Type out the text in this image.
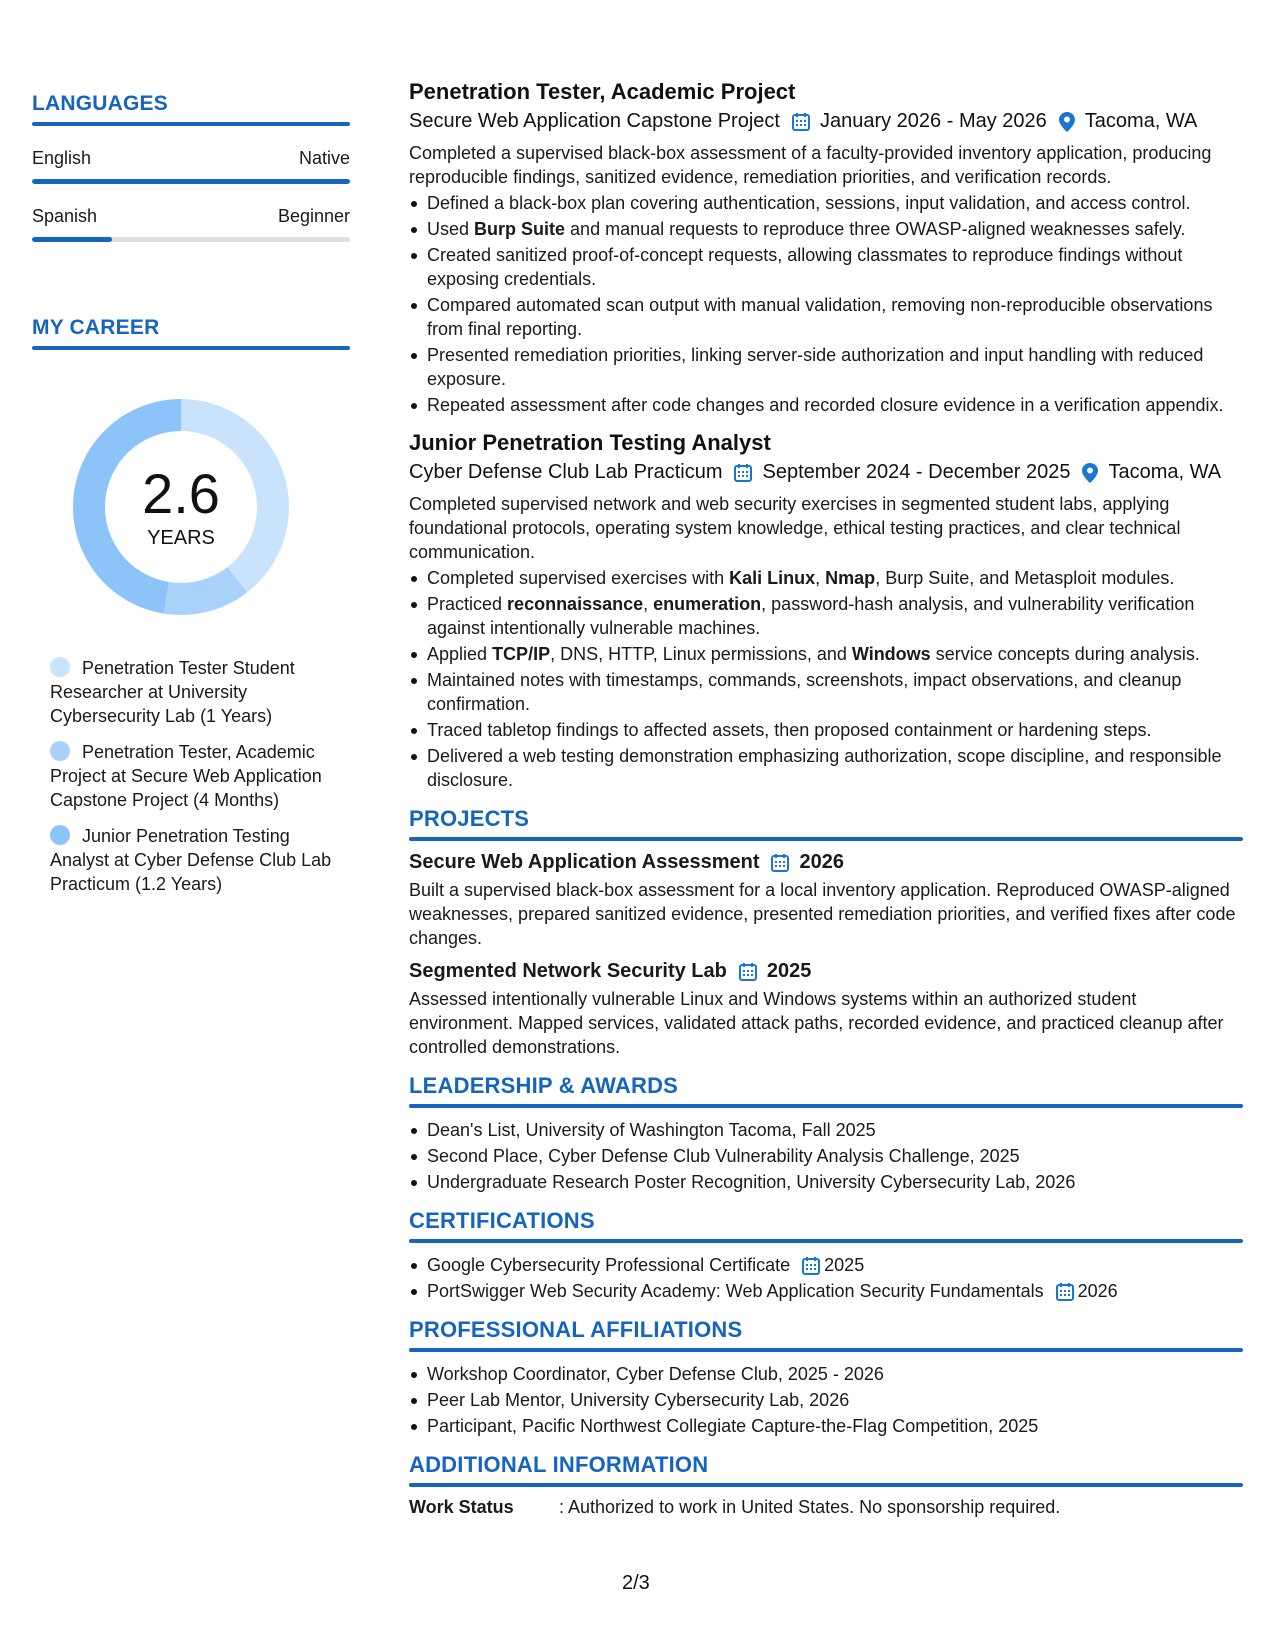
LANGUAGES
English	Native
Spanish	Beginner
MY CAREER
2.6
YEARS
Penetration Tester Student Researcher at University Cybersecurity Lab (1 Years)
Penetration Tester, Academic Project at Secure Web Application Capstone Project (4 Months)
Junior Penetration Testing Analyst at Cyber Defense Club Lab Practicum (1.2 Years)
Penetration Tester, Academic Project
Secure Web Application Capstone Project January 2026 - May 2026 Tacoma, WA
Completed a supervised black-box assessment of a faculty-provided inventory application, producing reproducible findings, sanitized evidence, remediation priorities, and verification records.
Defined a black-box plan covering authentication, sessions, input validation, and access control.
Used Burp Suite and manual requests to reproduce three OWASP-aligned weaknesses safely.
Created sanitized proof-of-concept requests, allowing classmates to reproduce findings without exposing credentials.
Compared automated scan output with manual validation, removing non-reproducible observations from final reporting.
Presented remediation priorities, linking server-side authorization and input handling with reduced exposure.
Repeated assessment after code changes and recorded closure evidence in a verification appendix.
Junior Penetration Testing Analyst
Cyber Defense Club Lab Practicum September 2024 - December 2025 Tacoma, WA
Completed supervised network and web security exercises in segmented student labs, applying foundational protocols, operating system knowledge, ethical testing practices, and clear technical communication.
Completed supervised exercises with Kali Linux, Nmap, Burp Suite, and Metasploit modules.
Practiced reconnaissance, enumeration, password-hash analysis, and vulnerability verification against intentionally vulnerable machines.
Applied TCP/IP, DNS, HTTP, Linux permissions, and Windows service concepts during analysis.
Maintained notes with timestamps, commands, screenshots, impact observations, and cleanup confirmation.
Traced tabletop findings to affected assets, then proposed containment or hardening steps.
Delivered a web testing demonstration emphasizing authorization, scope discipline, and responsible disclosure.
PROJECTS
Secure Web Application Assessment 2026
Built a supervised black-box assessment for a local inventory application. Reproduced OWASP-aligned weaknesses, prepared sanitized evidence, presented remediation priorities, and verified fixes after code changes.
Segmented Network Security Lab 2025
Assessed intentionally vulnerable Linux and Windows systems within an authorized student environment. Mapped services, validated attack paths, recorded evidence, and practiced cleanup after controlled demonstrations.
LEADERSHIP & AWARDS
Dean's List, University of Washington Tacoma, Fall 2025
Second Place, Cyber Defense Club Vulnerability Analysis Challenge, 2025
Undergraduate Research Poster Recognition, University Cybersecurity Lab, 2026
CERTIFICATIONS
Google Cybersecurity Professional Certificate 2025
PortSwigger Web Security Academy: Web Application Security Fundamentals 2026
PROFESSIONAL AFFILIATIONS
Workshop Coordinator, Cyber Defense Club, 2025 - 2026
Peer Lab Mentor, University Cybersecurity Lab, 2026
Participant, Pacific Northwest Collegiate Capture-the-Flag Competition, 2025
ADDITIONAL INFORMATION
Work Status	: Authorized to work in United States. No sponsorship required.
2/3
